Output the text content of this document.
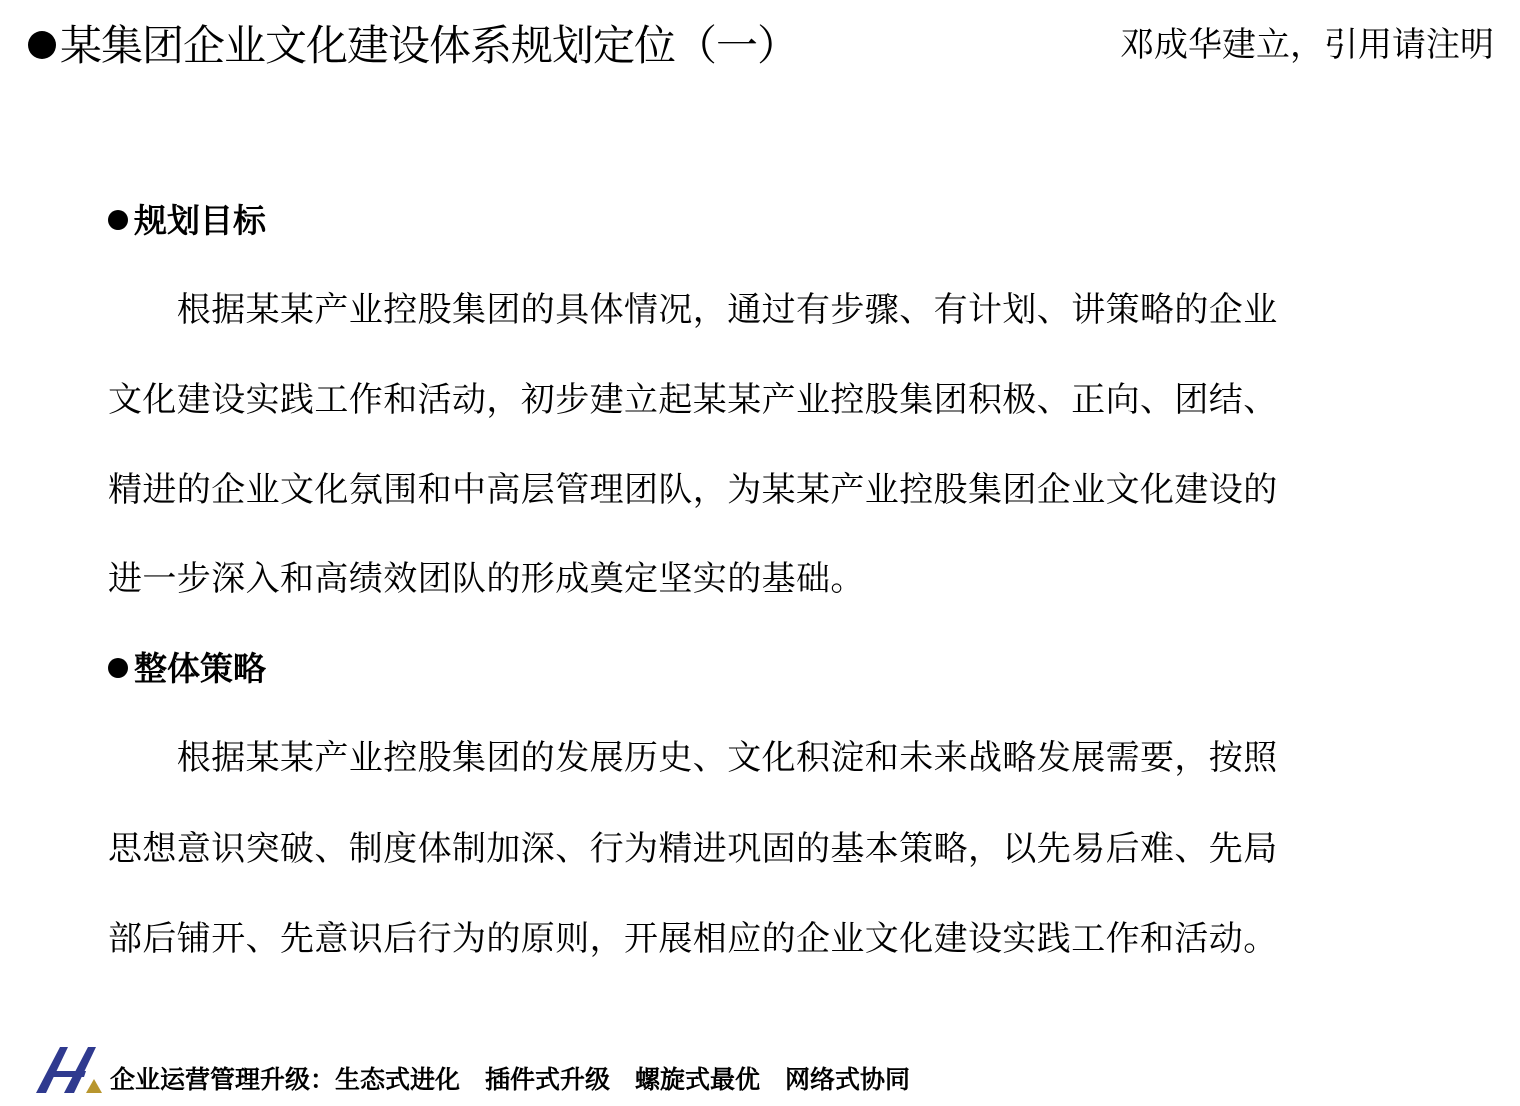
某集团企业文化建设体系规划定位（一）	邓成华建立，引用请注明
规划目标
　　根据某某产业控股集团的具体情况，通过有步骤、有计划、讲策略的企业
文化建设实践工作和活动，初步建立起某某产业控股集团积极、正向、团结、
精进的企业文化氛围和中高层管理团队，为某某产业控股集团企业文化建设的
进一步深入和高绩效团队的形成奠定坚实的基础。
整体策略
　　根据某某产业控股集团的发展历史、文化积淀和未来战略发展需要，按照
思想意识突破、制度体制加深、行为精进巩固的基本策略，以先易后难、先局
部后铺开、先意识后行为的原则，开展相应的企业文化建设实践工作和活动。
企业运营管理升级：生态式进化　插件式升级　螺旋式最优　网络式协同
